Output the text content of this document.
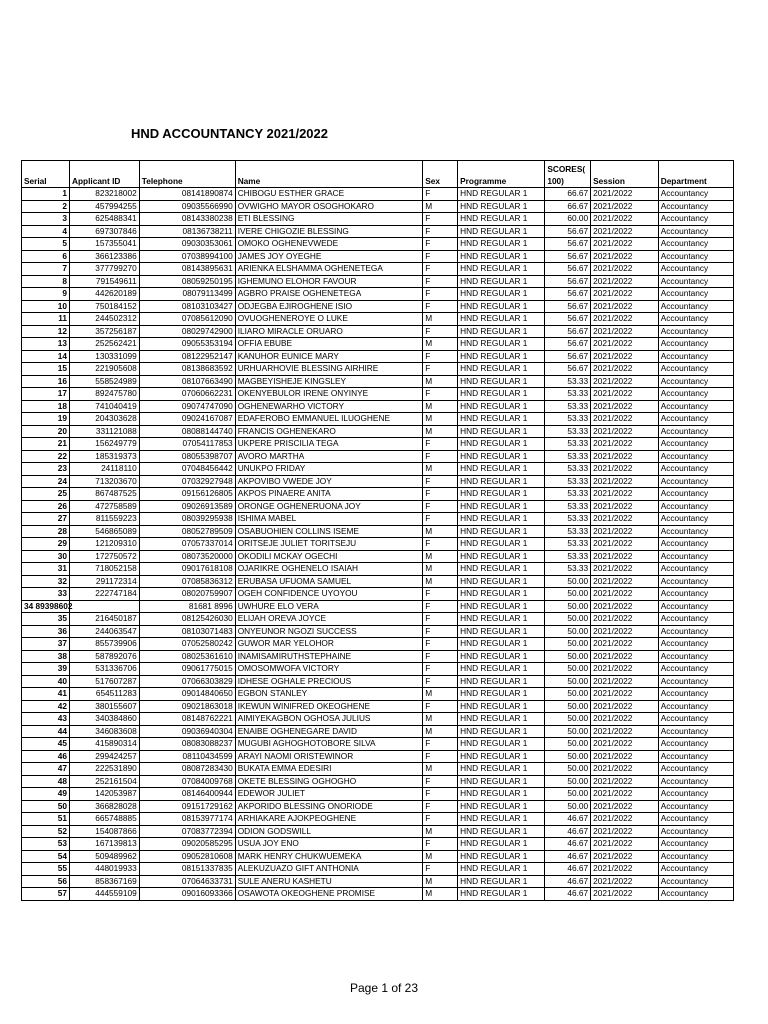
HND ACCOUNTANCY 2021/2022
Serial	Applicant ID	Telephone	Name	Sex	Programme	SCORES( 100)	Session	Department
1	823218002	08141890874	CHIBOGU ESTHER GRACE	F	HND REGULAR 1	66.67	2021/2022	Accountancy
2	457994255	09035566990	OVWIGHO MAYOR OSOGHOKARO	M	HND REGULAR 1	66.67	2021/2022	Accountancy
3	625488341	08143380238	ETI BLESSING	F	HND REGULAR 1	60.00	2021/2022	Accountancy
4	697307846	08136738211	IVERE CHIGOZIE BLESSING	F	HND REGULAR 1	56.67	2021/2022	Accountancy
5	157355041	09030353061	OMOKO OGHENEVWEDE	F	HND REGULAR 1	56.67	2021/2022	Accountancy
6	366123386	07038994100	JAMES JOY OYEGHE	F	HND REGULAR 1	56.67	2021/2022	Accountancy
7	377799270	08143895631	ARIENKA ELSHAMMA OGHENETEGA	F	HND REGULAR 1	56.67	2021/2022	Accountancy
8	791549611	08059250195	IGHEMUNO ELOHOR FAVOUR	F	HND REGULAR 1	56.67	2021/2022	Accountancy
9	442620189	08079113499	AGBRO PRAISE OGHENETEGA	F	HND REGULAR 1	56.67	2021/2022	Accountancy
10	750184152	08103103427	ODJEGBA EJIROGHENE ISIO	F	HND REGULAR 1	56.67	2021/2022	Accountancy
11	244502312	07085612090	OVUOGHENEROYE O LUKE	M	HND REGULAR 1	56.67	2021/2022	Accountancy
12	357256187	08029742900	ILIARO MIRACLE ORUARO	F	HND REGULAR 1	56.67	2021/2022	Accountancy
13	252562421	09055353194	OFFIA EBUBE	M	HND REGULAR 1	56.67	2021/2022	Accountancy
14	130331099	08122952147	KANUHOR EUNICE MARY	F	HND REGULAR 1	56.67	2021/2022	Accountancy
15	221905608	08138683592	URHUARHOVIE BLESSING AIRHIRE	F	HND REGULAR 1	56.67	2021/2022	Accountancy
16	558524989	08107663490	MAGBEYISHEJE KINGSLEY	M	HND REGULAR 1	53.33	2021/2022	Accountancy
17	892475780	07060662231	OKENYEBULOR IRENE ONYINYE	F	HND REGULAR 1	53.33	2021/2022	Accountancy
18	741040419	09074747090	OGHENEWARHO VICTORY	M	HND REGULAR 1	53.33	2021/2022	Accountancy
19	204303628	09024167087	EDAFEROBO EMMANUEL ILUOGHENE	M	HND REGULAR 1	53.33	2021/2022	Accountancy
20	331121088	08088144740	FRANCIS OGHENEKARO	M	HND REGULAR 1	53.33	2021/2022	Accountancy
21	156249779	07054117853	UKPERE PRISCILIA TEGA	F	HND REGULAR 1	53.33	2021/2022	Accountancy
22	185319373	08055398707	AVORO MARTHA	F	HND REGULAR 1	53.33	2021/2022	Accountancy
23	24118110	07048456442	UNUKPO FRIDAY	M	HND REGULAR 1	53.33	2021/2022	Accountancy
24	713203670	07032927948	AKPOVIBO VWEDE JOY	F	HND REGULAR 1	53.33	2021/2022	Accountancy
25	867487525	09156126805	AKPOS PINAERE ANITA	F	HND REGULAR 1	53.33	2021/2022	Accountancy
26	472758589	09026913589	ORONGE OGHENERUONA JOY	F	HND REGULAR 1	53.33	2021/2022	Accountancy
27	811559223	08039295938	ISHIMA MABEL	F	HND REGULAR 1	53.33	2021/2022	Accountancy
28	546865089	08052789509	OSABUOHIEN COLLINS ISEME	M	HND REGULAR 1	53.33	2021/2022	Accountancy
29	121209310	07057337014	ORITSEJE JULIET TORITSEJU	F	HND REGULAR 1	53.33	2021/2022	Accountancy
30	172750572	08073520000	OKODILI MCKAY OGECHI	M	HND REGULAR 1	53.33	2021/2022	Accountancy
31	718052158	09017618108	OJARIKRE OGHENELO ISAIAH	M	HND REGULAR 1	53.33	2021/2022	Accountancy
32	291172314	07085836312	ERUBASA UFUOMA SAMUEL	M	HND REGULAR 1	50.00	2021/2022	Accountancy
33	222747184	08020759907	OGEH CONFIDENCE UYOYOU	F	HND REGULAR 1	50.00	2021/2022	Accountancy
34 89398602		81681 8996	UWHURE ELO VERA	F	HND REGULAR 1	50.00	2021/2022	Accountancy
35	216450187	08125426030	ELIJAH OREVA JOYCE	F	HND REGULAR 1	50.00	2021/2022	Accountancy
36	244063547	08103071483	ONYEUNOR NGOZI SUCCESS	F	HND REGULAR 1	50.00	2021/2022	Accountancy
37	855739906	07052580242	GUWOR MAR YELOHOR	F	HND REGULAR 1	50.00	2021/2022	Accountancy
38	587892076	08025361610	INAMISAMIRUTHSTEPHAINE	F	HND REGULAR 1	50.00	2021/2022	Accountancy
39	531336706	09061775015	OMOSOMWOFA VICTORY	F	HND REGULAR 1	50.00	2021/2022	Accountancy
40	517607287	07066303829	IDHESE OGHALE PRECIOUS	F	HND REGULAR 1	50.00	2021/2022	Accountancy
41	654511283	09014840650	EGBON STANLEY	M	HND REGULAR 1	50.00	2021/2022	Accountancy
42	380155607	09021863018	IKEWUN WINIFRED OKEOGHENE	F	HND REGULAR 1	50.00	2021/2022	Accountancy
43	340384860	08148762221	AIMIYEKAGBON OGHOSA JULIUS	M	HND REGULAR 1	50.00	2021/2022	Accountancy
44	346083608	09036940304	ENAIBE OGHENEGARE DAVID	M	HND REGULAR 1	50.00	2021/2022	Accountancy
45	415890314	08083088237	MUGUBI AGHOGHOTOBORE SILVA	F	HND REGULAR 1	50.00	2021/2022	Accountancy
46	299424257	08110434599	ARAYI NAOMI ORISTEWINOR	F	HND REGULAR 1	50.00	2021/2022	Accountancy
47	222531890	08087283430	BUKATA EMMA EDESIRI	M	HND REGULAR 1	50.00	2021/2022	Accountancy
48	252161504	07084009768	OKETE BLESSING OGHOGHO	F	HND REGULAR 1	50.00	2021/2022	Accountancy
49	142053987	08146400944	EDEWOR JULIET	F	HND REGULAR 1	50.00	2021/2022	Accountancy
50	366828028	09151729162	AKPORIDO BLESSING ONORIODE	F	HND REGULAR 1	50.00	2021/2022	Accountancy
51	665748885	08153977174	ARHIAKARE AJOKPEOGHENE	F	HND REGULAR 1	46.67	2021/2022	Accountancy
52	154087866	07083772394	ODION GODSWILL	M	HND REGULAR 1	46.67	2021/2022	Accountancy
53	167139813	09020585295	USUA JOY ENO	F	HND REGULAR 1	46.67	2021/2022	Accountancy
54	509489962	09052810608	MARK HENRY CHUKWUEMEKA	M	HND REGULAR 1	46.67	2021/2022	Accountancy
55	448019933	08151337835	ALEKUZUAZO GIFT ANTHONIA	F	HND REGULAR 1	46.67	2021/2022	Accountancy
56	858367169	07064633731	SULE ANERU KASHETU	M	HND REGULAR 1	46.67	2021/2022	Accountancy
57	444559109	09016093366	OSAWOTA OKEOGHENE PROMISE	M	HND REGULAR 1	46.67	2021/2022	Accountancy
Page 1 of 23
